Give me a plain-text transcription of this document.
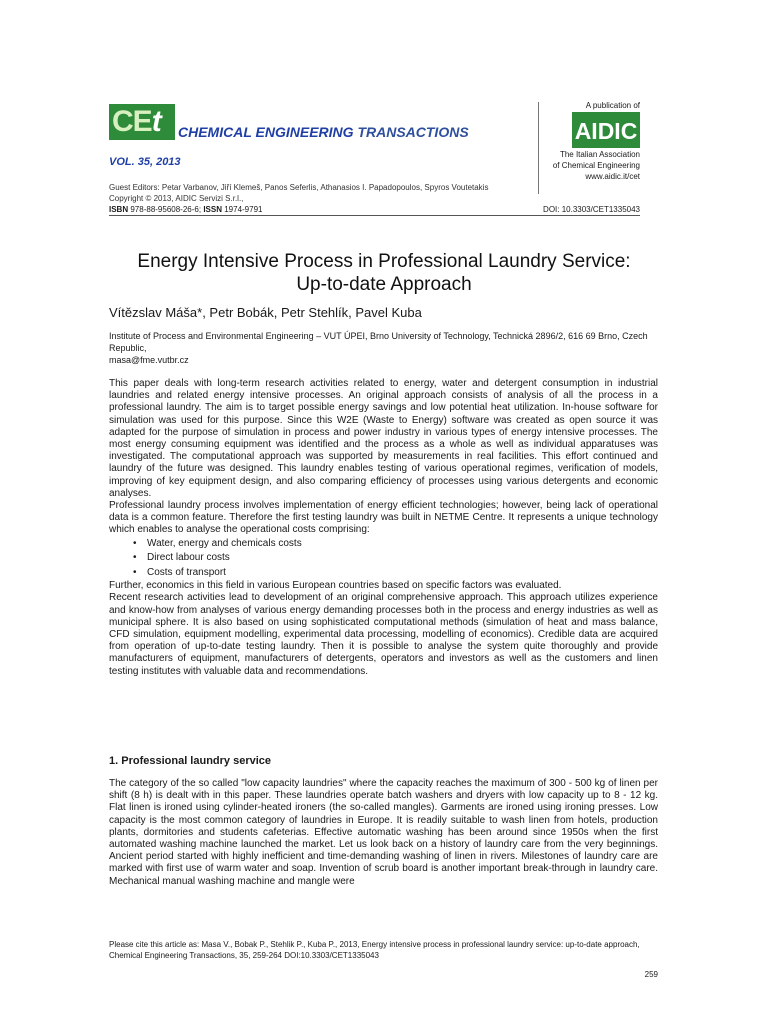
CEt CHEMICAL ENGINEERING TRANSACTIONS
VOL. 35, 2013
A publication of
AIDIC
The Italian Association
of Chemical Engineering
www.aidic.it/cet
Guest Editors: Petar Varbanov, Jiří Klemeš, Panos Seferlis, Athanasios I. Papadopoulos, Spyros Voutetakis
Copyright © 2013, AIDIC Servizi S.r.l.,
ISBN 978-88-95608-26-6; ISSN 1974-9791	DOI: 10.3303/CET1335043
Energy Intensive Process in Professional Laundry Service:
Up-to-date Approach
Vítězslav Máša*, Petr Bobák, Petr Stehlík, Pavel Kuba
Institute of Process and Environmental Engineering – VUT ÚPEI, Brno University of Technology, Technická 2896/2, 616 69 Brno, Czech Republic,
masa@fme.vutbr.cz

This paper deals with long-term research activities related to energy, water and detergent consumption in industrial laundries and related energy intensive processes. An original approach consists of analysis of all the process in a professional laundry. The aim is to target possible energy savings and low potential heat utilization. In-house software for simulation was used for this purpose. Since this W2E (Waste to Energy) software was created as open source it was adapted for the purpose of simulation in process and power industry in various types of energy intensive processes. The most energy consuming equipment was identified and the process as a whole as well as individual apparatuses was investigated. The computational approach was supported by measurements in real facilities. This effort continued and laundry of the future was designed. This laundry enables testing of various operational regimes, verification of models, improving of key equipment design, and also comparing efficiency of processes using various detergents and economic analyses.

Professional laundry process involves implementation of energy efficient technologies; however, being lack of operational data is a common feature. Therefore the first testing laundry was built in NETME Centre. It represents a unique technology which enables to analyse the operational costs comprising:

• Water, energy and chemicals costs
• Direct labour costs
• Costs of transport

Further, economics in this field in various European countries based on specific factors was evaluated.

Recent research activities lead to development of an original comprehensive approach. This approach utilizes experience and know-how from analyses of various energy demanding processes both in the process and energy industries as well as municipal sphere. It is also based on using sophisticated computational methods (simulation of heat and mass balance, CFD simulation, equipment modelling, experimental data processing, modelling of economics). Credible data are acquired from operation of up-to-date testing laundry. Then it is possible to analyse the system quite thoroughly and provide manufacturers of equipment, manufacturers of detergents, operators and investors as well as the customers and linen testing institutes with valuable data and recommendations.

1. Professional laundry service

The category of the so called "low capacity laundries" where the capacity reaches the maximum of 300 - 500 kg of linen per shift (8 h) is dealt with in this paper. These laundries operate batch washers and dryers with low capacity up to 8 - 12 kg. Flat linen is ironed using cylinder-heated ironers (the so-called mangles). Garments are ironed using ironing presses. Low capacity is the most common category of laundries in Europe. It is readily suitable to wash linen from hotels, production plants, dormitories and students cafeterias. Effective automatic washing has been around since 1950s when the first automated washing machine launched the market. Let us look back on a history of laundry care from the very beginnings. Ancient period started with highly inefficient and time-demanding washing of linen in rivers. Milestones of laundry care are marked with first use of warm water and soap. Invention of scrub board is another important break-through in laundry care. Mechanical manual washing machine and mangle were

Please cite this article as: Masa V., Bobak P., Stehlik P., Kuba P., 2013, Energy intensive process in professional laundry service: up-to-date approach, Chemical Engineering Transactions, 35, 259-264 DOI:10.3303/CET1335043
259
